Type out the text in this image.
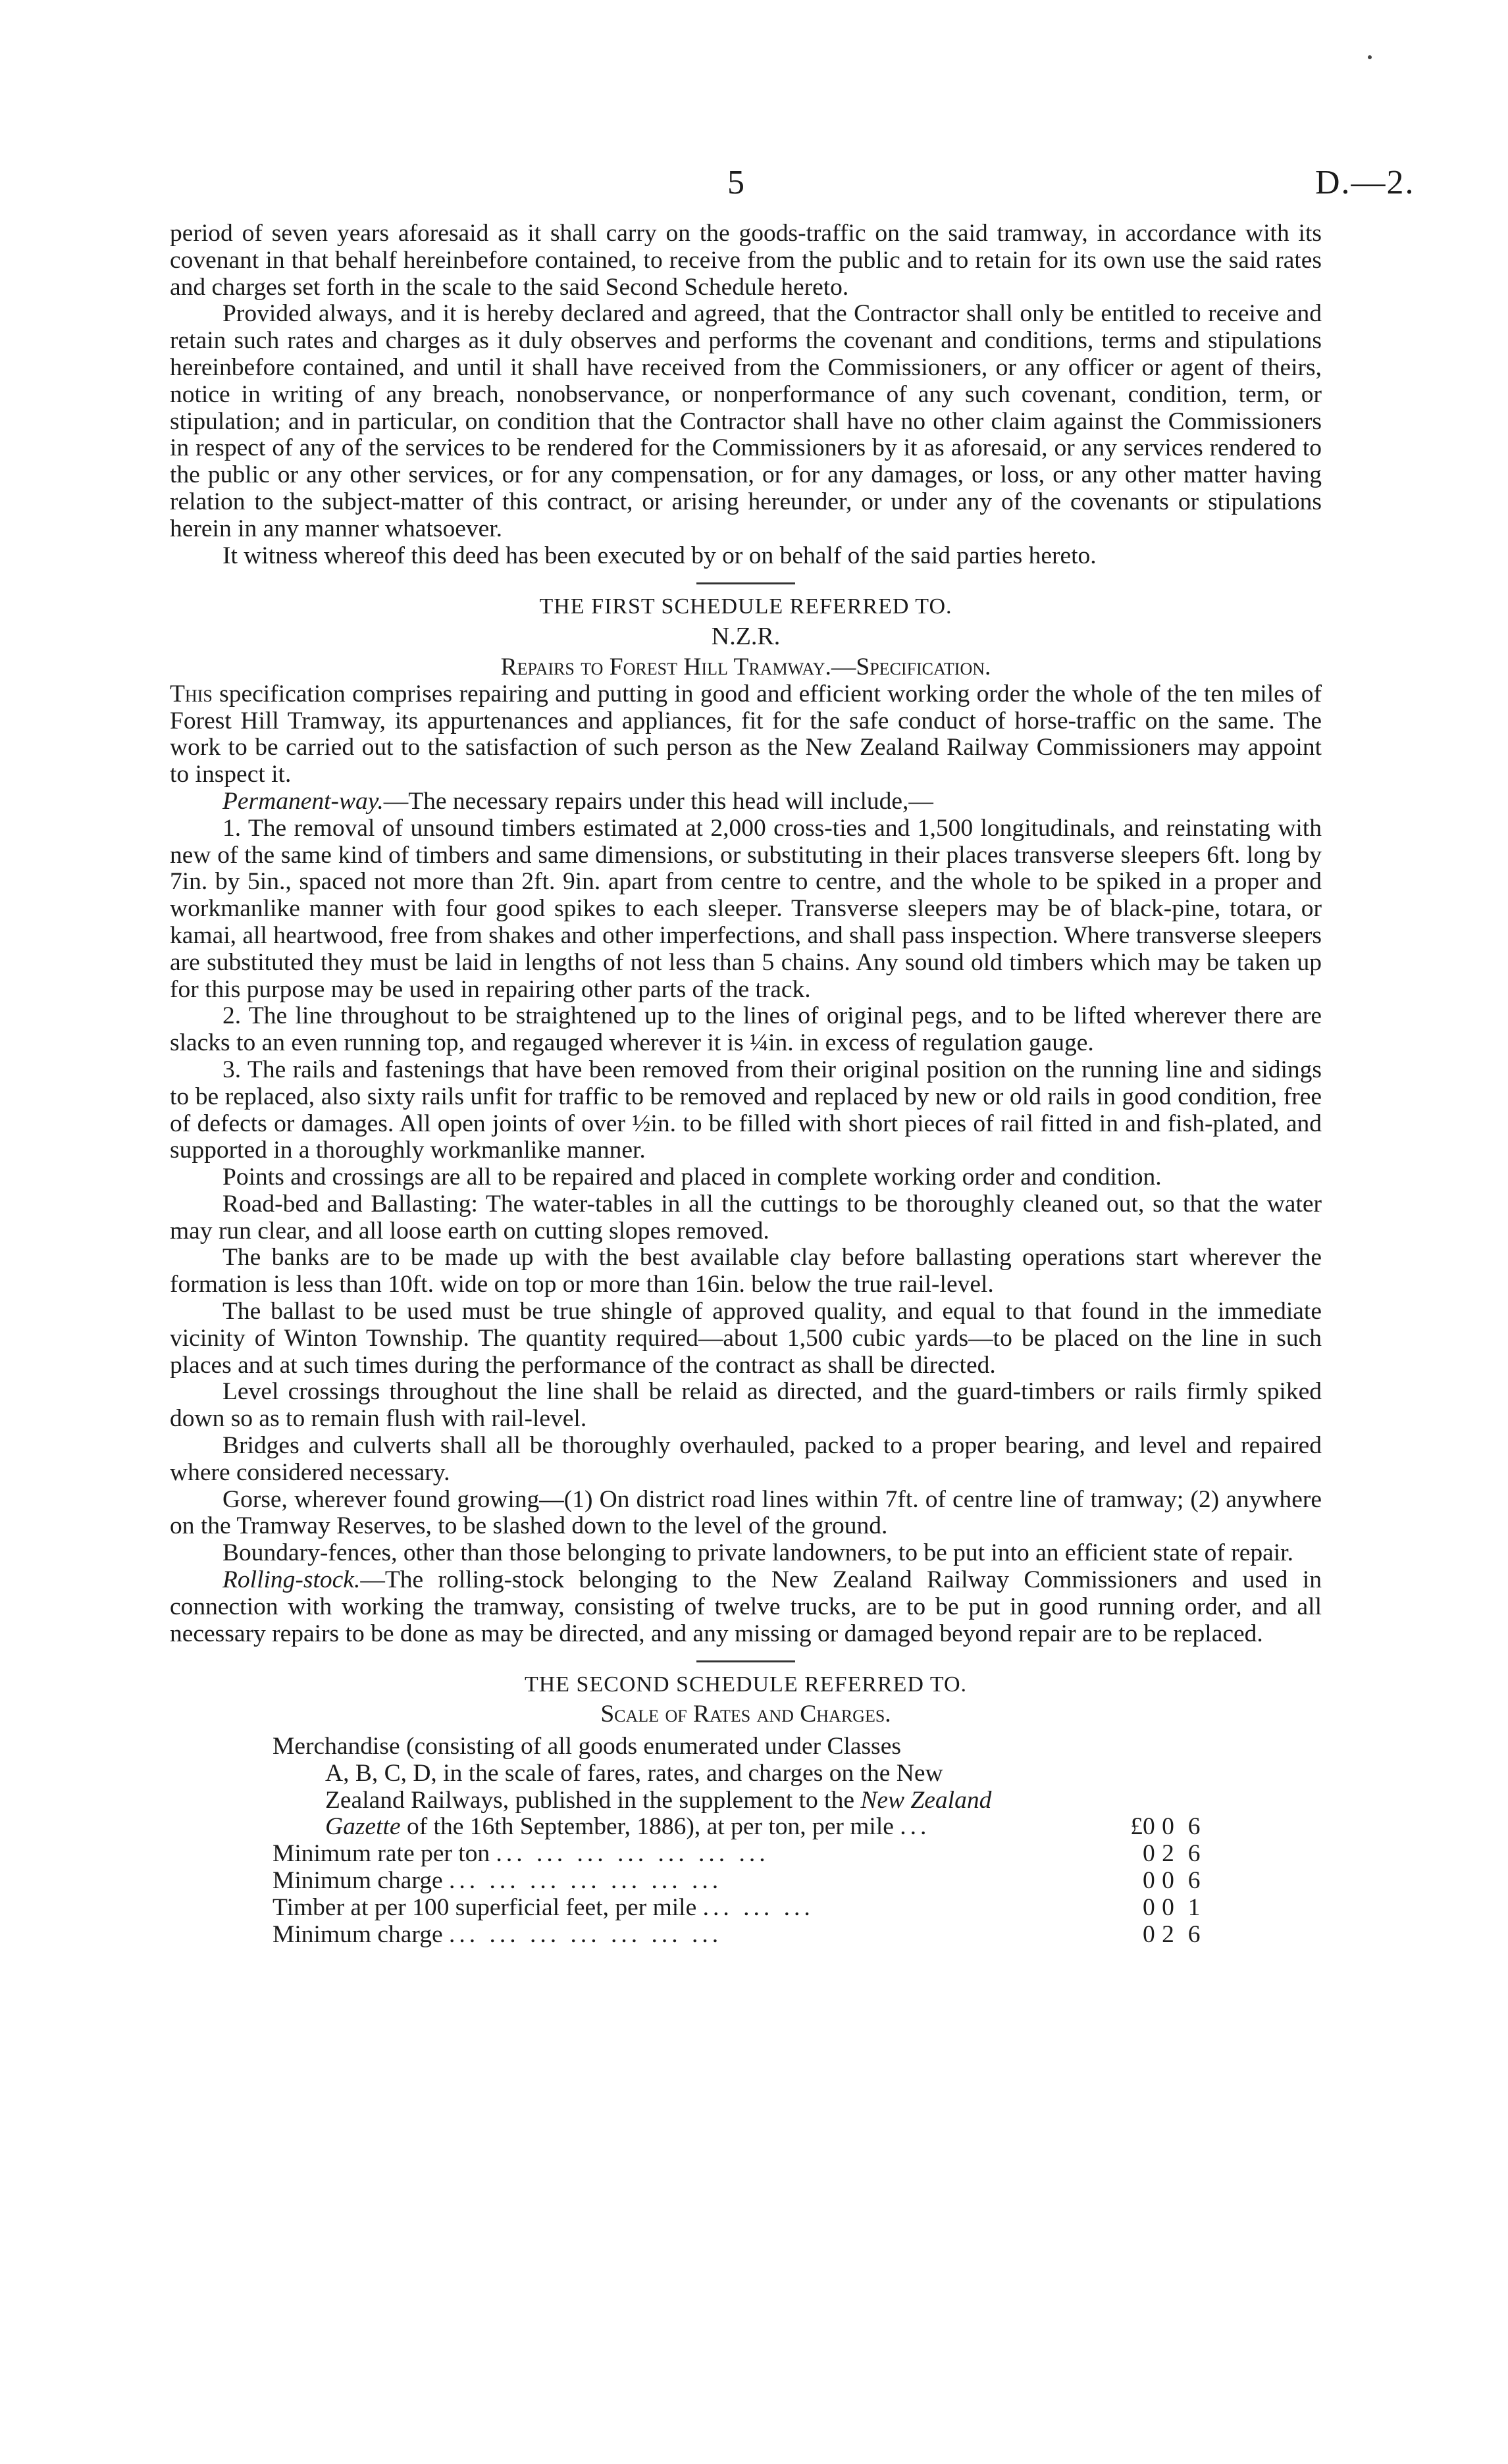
5	D.—2.

period of seven years aforesaid as it shall carry on the goods-traffic on the said tramway, in accordance with its covenant in that behalf hereinbefore contained, to receive from the public and to retain for its own use the said rates and charges set forth in the scale to the said Second Schedule hereto.

Provided always, and it is hereby declared and agreed, that the Contractor shall only be entitled to receive and retain such rates and charges as it duly observes and performs the covenant and conditions, terms and stipulations hereinbefore contained, and until it shall have received from the Commissioners, or any officer or agent of theirs, notice in writing of any breach, nonobservance, or nonperformance of any such covenant, condition, term, or stipulation; and in particular, on condition that the Contractor shall have no other claim against the Commissioners in respect of any of the services to be rendered for the Commissioners by it as aforesaid, or any services rendered to the public or any other services, or for any compensation, or for any damages, or loss, or any other matter having relation to the subject-matter of this contract, or arising hereunder, or under any of the covenants or stipulations herein in any manner whatsoever.

It witness whereof this deed has been executed by or on behalf of the said parties hereto.

THE FIRST SCHEDULE REFERRED TO.
N.Z.R.
Repairs to Forest Hill Tramway.—Specification.

This specification comprises repairing and putting in good and efficient working order the whole of the ten miles of Forest Hill Tramway, its appurtenances and appliances, fit for the safe conduct of horse-traffic on the same. The work to be carried out to the satisfaction of such person as the New Zealand Railway Commissioners may appoint to inspect it.

Permanent-way.—The necessary repairs under this head will include,—

1. The removal of unsound timbers estimated at 2,000 cross-ties and 1,500 longitudinals, and reinstating with new of the same kind of timbers and same dimensions, or substituting in their places transverse sleepers 6ft. long by 7in. by 5in., spaced not more than 2ft. 9in. apart from centre to centre, and the whole to be spiked in a proper and workmanlike manner with four good spikes to each sleeper. Transverse sleepers may be of black-pine, totara, or kamai, all heartwood, free from shakes and other imperfections, and shall pass inspection. Where transverse sleepers are substituted they must be laid in lengths of not less than 5 chains. Any sound old timbers which may be taken up for this purpose may be used in repairing other parts of the track.

2. The line throughout to be straightened up to the lines of original pegs, and to be lifted wherever there are slacks to an even running top, and regauged wherever it is ¼in. in excess of regulation gauge.

3. The rails and fastenings that have been removed from their original position on the running line and sidings to be replaced, also sixty rails unfit for traffic to be removed and replaced by new or old rails in good condition, free of defects or damages. All open joints of over ½in. to be filled with short pieces of rail fitted in and fish-plated, and supported in a thoroughly workmanlike manner.

Points and crossings are all to be repaired and placed in complete working order and condition.

Road-bed and Ballasting: The water-tables in all the cuttings to be thoroughly cleaned out, so that the water may run clear, and all loose earth on cutting slopes removed.

The banks are to be made up with the best available clay before ballasting operations start wherever the formation is less than 10ft. wide on top or more than 16in. below the true rail-level.

The ballast to be used must be true shingle of approved quality, and equal to that found in the immediate vicinity of Winton Township. The quantity required—about 1,500 cubic yards—to be placed on the line in such places and at such times during the performance of the contract as shall be directed.

Level crossings throughout the line shall be relaid as directed, and the guard-timbers or rails firmly spiked down so as to remain flush with rail-level.

Bridges and culverts shall all be thoroughly overhauled, packed to a proper bearing, and level and repaired where considered necessary.

Gorse, wherever found growing—(1) On district road lines within 7ft. of centre line of tramway; (2) anywhere on the Tramway Reserves, to be slashed down to the level of the ground.

Boundary-fences, other than those belonging to private landowners, to be put into an efficient state of repair.

Rolling-stock.—The rolling-stock belonging to the New Zealand Railway Commissioners and used in connection with working the tramway, consisting of twelve trucks, are to be put in good running order, and all necessary repairs to be done as may be directed, and any missing or damaged beyond repair are to be replaced.

THE SECOND SCHEDULE REFERRED TO.
Scale of Rates and Charges.
Merchandise (consisting of all goods enumerated under Classes

A, B, C, D, in the scale of fares, rates, and charges on the New
Zealand Railways, published in the supplement to the New Zealand
Gazette of the 16th September, 1886), at per ton, per mile ...	£0	0	6
Minimum rate per ton ... ... ... ... ... ... ...	0	2	6
Minimum charge ... ... ... ... ... ... ...	0	0	6
Timber at per 100 superficial feet, per mile ... ... ...	0	0	1
Minimum charge ... ... ... ... ... ... ...	0	2	6
